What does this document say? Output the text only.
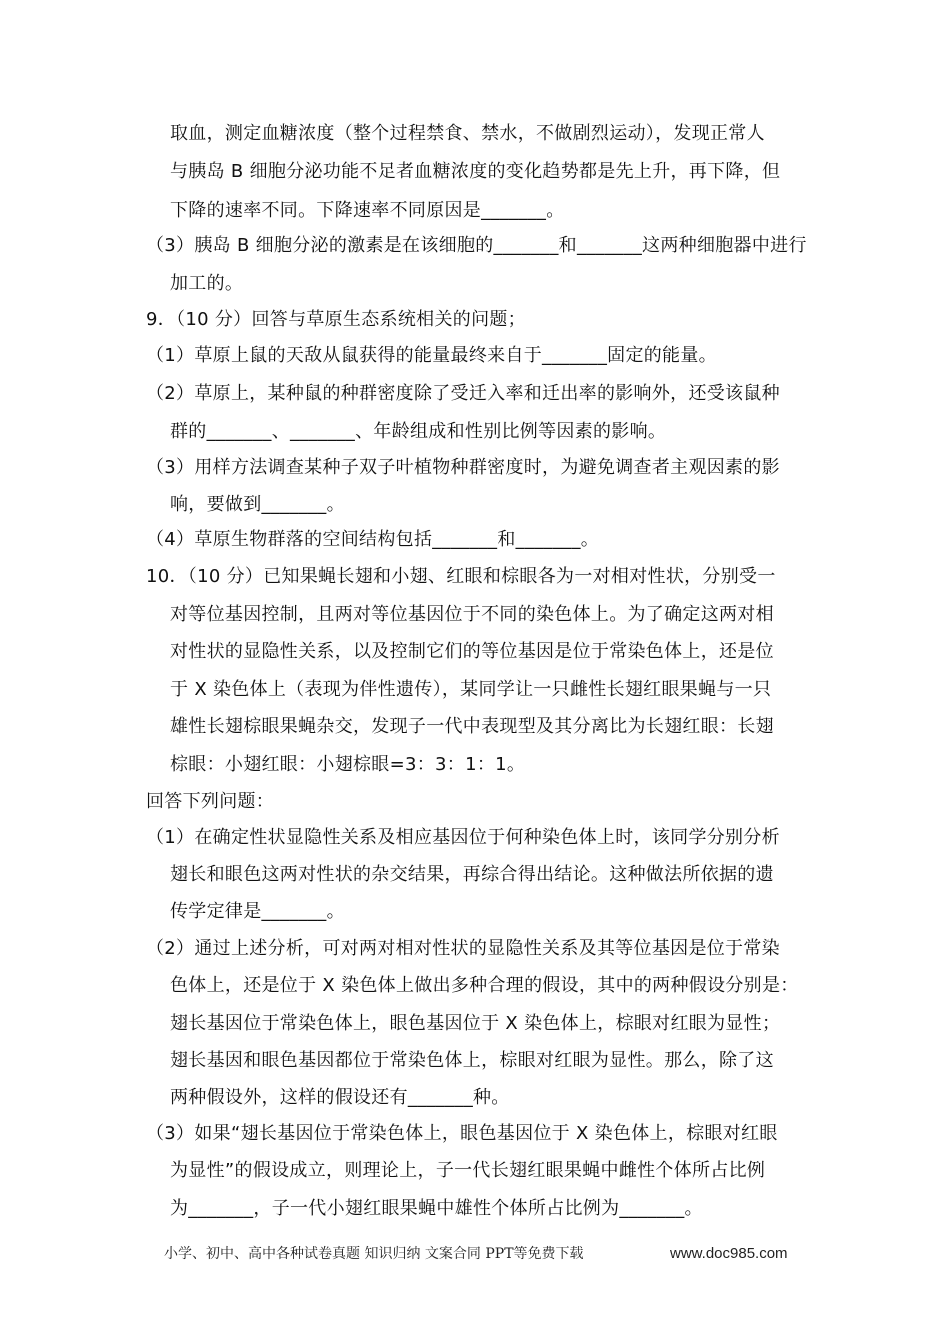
取血，测定血糖浓度（整个过程禁食、禁水，不做剧烈运动），发现正常人
与胰岛 B 细胞分泌功能不足者血糖浓度的变化趋势都是先上升，再下降，但
下降的速率不同。下降速率不同原因是_______。
（3）胰岛 B 细胞分泌的激素是在该细胞的_______和_______这两种细胞器中进行
加工的。
9．（10 分）回答与草原生态系统相关的问题；
（1）草原上鼠的天敌从鼠获得的能量最终来自于_______固定的能量。
（2）草原上，某种鼠的种群密度除了受迁入率和迁出率的影响外，还受该鼠种
群的_______、_______、年龄组成和性别比例等因素的影响。
（3）用样方法调查某种子双子叶植物种群密度时，为避免调查者主观因素的影
响，要做到_______。
（4）草原生物群落的空间结构包括_______和_______。
10．（10 分）已知果蝇长翅和小翅、红眼和棕眼各为一对相对性状，分别受一
对等位基因控制，且两对等位基因位于不同的染色体上。为了确定这两对相
对性状的显隐性关系，以及控制它们的等位基因是位于常染色体上，还是位
于 X 染色体上（表现为伴性遗传），某同学让一只雌性长翅红眼果蝇与一只
雄性长翅棕眼果蝇杂交，发现子一代中表现型及其分离比为长翅红眼：长翅
棕眼：小翅红眼：小翅棕眼=3：3：1：1。
回答下列问题：
（1）在确定性状显隐性关系及相应基因位于何种染色体上时，该同学分别分析
翅长和眼色这两对性状的杂交结果，再综合得出结论。这种做法所依据的遗
传学定律是_______。
（2）通过上述分析，可对两对相对性状的显隐性关系及其等位基因是位于常染
色体上，还是位于 X 染色体上做出多种合理的假设，其中的两种假设分别是：
翅长基因位于常染色体上，眼色基因位于 X 染色体上，棕眼对红眼为显性；
翅长基因和眼色基因都位于常染色体上，棕眼对红眼为显性。那么，除了这
两种假设外，这样的假设还有_______种。
（3）如果“翅长基因位于常染色体上，眼色基因位于 X 染色体上，棕眼对红眼
为显性”的假设成立，则理论上，子一代长翅红眼果蝇中雌性个体所占比例
为_______，子一代小翅红眼果蝇中雄性个体所占比例为_______。
小学、初中、高中各种试卷真题 知识归纳 文案合同 PPT等免费下载	www.doc985.com
